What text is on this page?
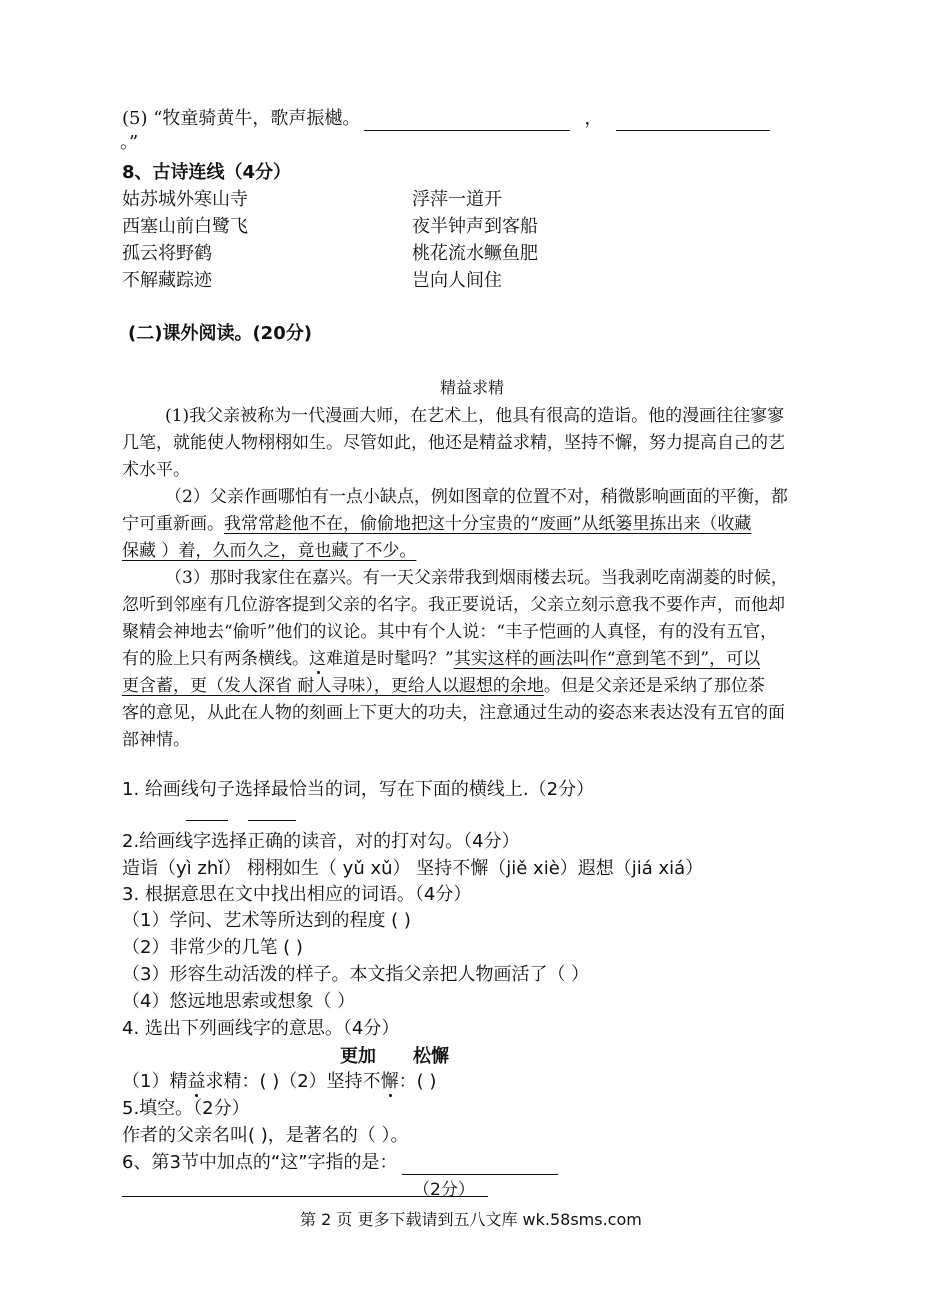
(5) “牧童骑黄牛，歌声振樾。	，
。”
8、古诗连线（4分）
姑苏城外寒山寺
西塞山前白鹭飞
孤云将野鹤
不解藏踪迹
浮萍一道开
夜半钟声到客船
桃花流水鳜鱼肥
岂向人间住
(二)课外阅读。(20分)
精益求精
(1)我父亲被称为一代漫画大师，在艺术上，他具有很高的造诣。他的漫画往往寥寥
几笔，就能使人物栩栩如生。尽管如此，他还是精益求精，坚持不懈，努力提高自己的艺
术水平。
（2）父亲作画哪怕有一点小缺点，例如图章的位置不对，稍微影响画面的平衡，都
宁可重新画。我常常趁他不在，偷偷地把这十分宝贵的“废画”从纸篓里拣出来（收藏
保藏 ）着，久而久之，竟也藏了不少。
（3）那时我家住在嘉兴。有一天父亲带我到烟雨楼去玩。当我剥吃南湖菱的时候，
忽听到邻座有几位游客提到父亲的名字。我正要说话，父亲立刻示意我不要作声，而他却
聚精会神地去“偷听”他们的议论。其中有个人说：“丰子恺画的人真怪，有的没有五官，
有的脸上只有两条横线。这难道是时髦吗？”其实这样的画法叫作“意到笔不到”，可以
更含蓄，更（发人深省 耐人寻味），更给人以遐想的余地。但是父亲还是采纳了那位茶
客的意见，从此在人物的刻画上下更大的功夫，注意通过生动的姿态来表达没有五官的面
部神情。
1. 给画线句子选择最恰当的词，写在下面的横线上.（2分）
2.给画线字选择正确的读音，对的打对勾。（4分）
造诣（yì zhǐ） 栩栩如生（ yǔ xǔ） 坚持不懈（jiě xiè）遐想（jiá xiá）
3. 根据意思在文中找出相应的词语。（4分）
（1）学问、艺术等所达到的程度 ( )
（2）非常少的几笔 ( )
（3）形容生动活泼的样子。本文指父亲把人物画活了（ ）
（4）悠远地思索或想象（ ）
4. 选出下列画线字的意思。（4分）
更加 松懈
（1）精益求精：( )（2）坚持不懈：( )
5.填空。（2分）
作者的父亲名叫( )，是著名的（ ）。
6、第3节中加点的“这”字指的是：
（2分）
第 2 页 更多下载请到五八文库 wk.58sms.com
